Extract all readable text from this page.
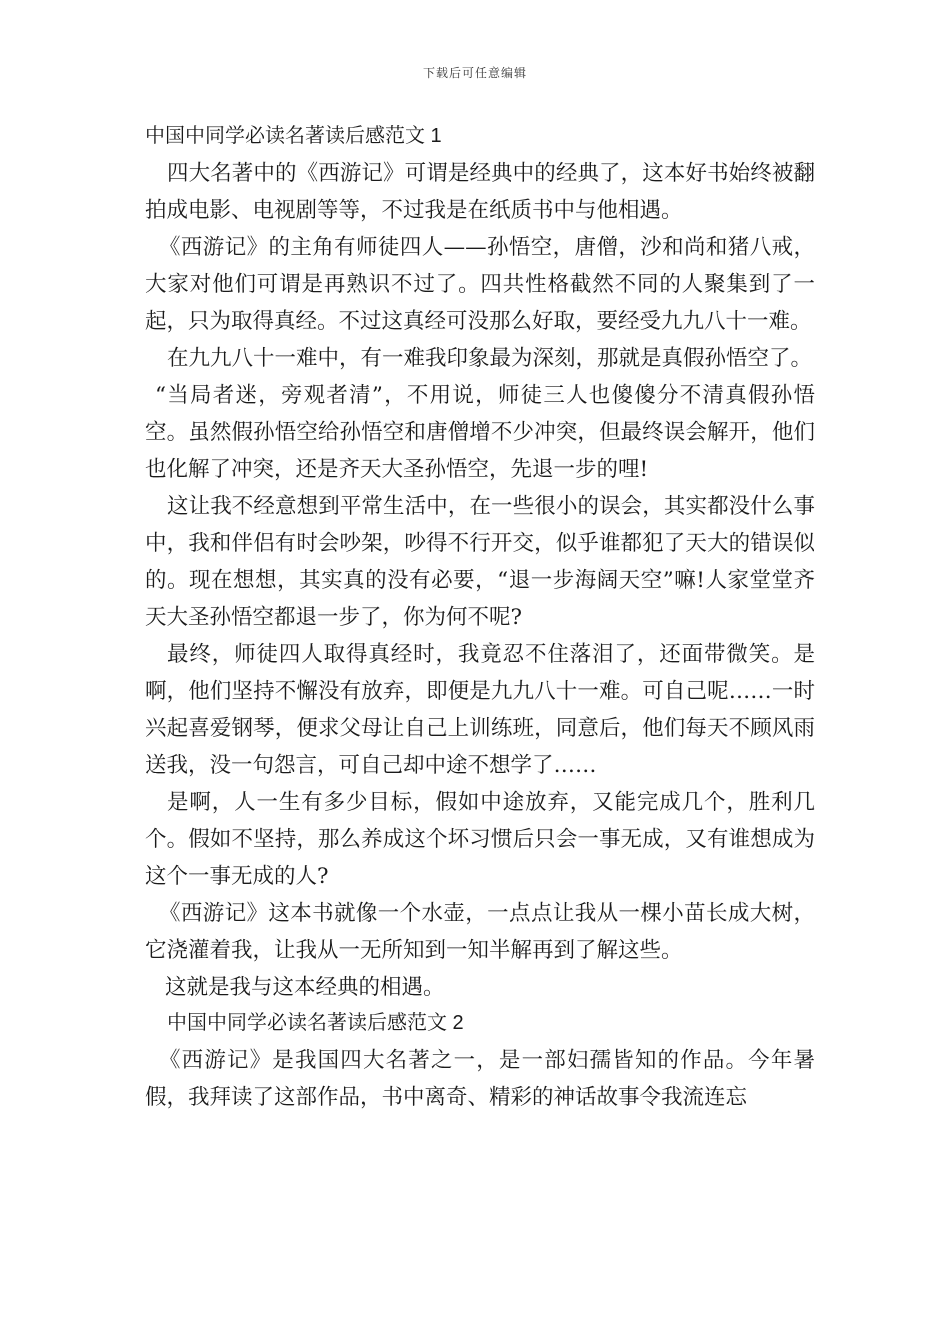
下载后可任意编辑

中国中同学必读名著读后感范文 1

四大名著中的《西游记》可谓是经典中的经典了，这本好书始终被翻拍成电影、电视剧等等，不过我是在纸质书中与他相遇。

《西游记》的主角有师徒四人——孙悟空，唐僧，沙和尚和猪八戒，大家对他们可谓是再熟识不过了。四共性格截然不同的人聚集到了一起，只为取得真经。不过这真经可没那么好取，要经受九九八十一难。

在九九八十一难中，有一难我印象最为深刻，那就是真假孙悟空了。

“当局者迷，旁观者清”，不用说，师徒三人也傻傻分不清真假孙悟空。虽然假孙悟空给孙悟空和唐僧增不少冲突，但最终误会解开，他们也化解了冲突，还是齐天大圣孙悟空，先退一步的哩!

这让我不经意想到平常生活中，在一些很小的误会，其实都没什么事中，我和伴侣有时会吵架，吵得不行开交，似乎谁都犯了天大的错误似的。现在想想，其实真的没有必要，“退一步海阔天空”嘛!人家堂堂齐天大圣孙悟空都退一步了，你为何不呢?

最终，师徒四人取得真经时，我竟忍不住落泪了，还面带微笑。是啊，他们坚持不懈没有放弃，即便是九九八十一难。可自己呢……一时兴起喜爱钢琴，便求父母让自己上训练班，同意后，他们每天不顾风雨送我，没一句怨言，可自己却中途不想学了……

是啊，人一生有多少目标，假如中途放弃，又能完成几个，胜利几个。假如不坚持，那么养成这个坏习惯后只会一事无成，又有谁想成为这个一事无成的人?

《西游记》这本书就像一个水壶，一点点让我从一棵小苗长成大树，它浇灌着我，让我从一无所知到一知半解再到了解这些。

这就是我与这本经典的相遇。

中国中同学必读名著读后感范文 2

《西游记》是我国四大名著之一，是一部妇孺皆知的作品。今年暑假，我拜读了这部作品，书中离奇、精彩的神话故事令我流连忘
